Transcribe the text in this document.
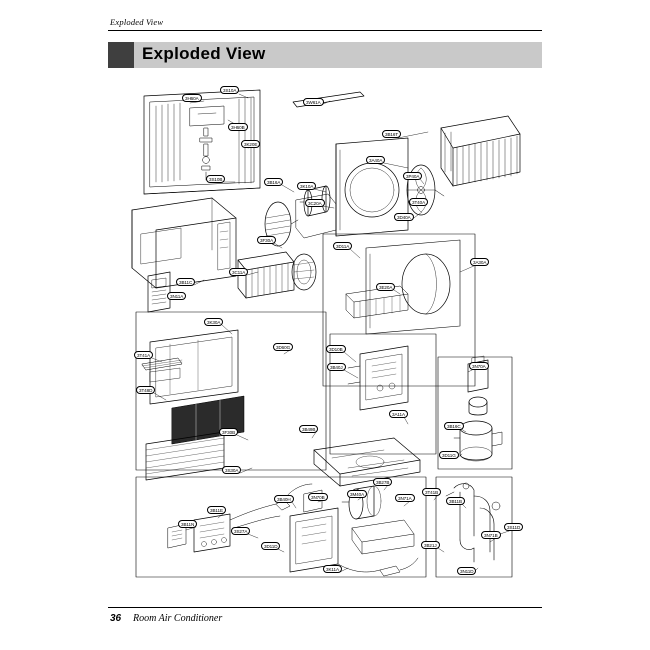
Exploded View
Exploded View
3H60A
3S10A
3W61A
3H60B
3K20E
3B16T
3A40A
3K10A
3B16A
3S10B
3C20A
3P40A
3T40A
3D40A
3F30A
3C11A
3N11A
3B11C
3D11A
3A30A
3E20A
3D10B
3B40J
3K30A
3D60G
3T41A
3T48D
3N70A
3B16C
3D11G
3F30B
3S30A
3B49B
3A11A
3T41B
3B11E
3B11N
3D11D
3N70B
3B40H
3M40A
3B27B
3S27A
3N71A
3B11B
3N71B
3S11D
3B21J
3K11A	3N11D
36 Room Air Conditioner
